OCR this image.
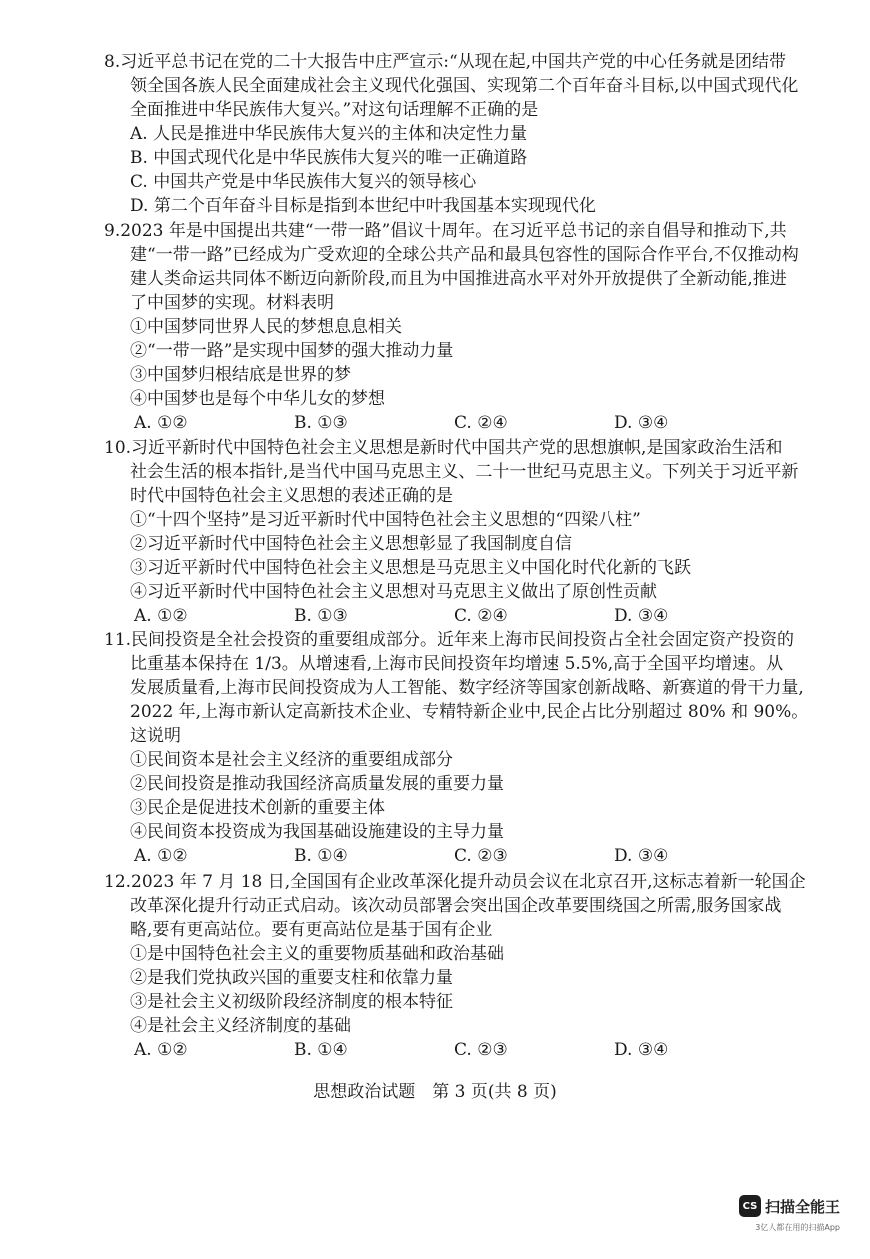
8.习近平总书记在党的二十大报告中庄严宣示:“从现在起,中国共产党的中心任务就是团结带
领全国各族人民全面建成社会主义现代化强国、实现第二个百年奋斗目标,以中国式现代化
全面推进中华民族伟大复兴。”对这句话理解不正确的是

A. 人民是推进中华民族伟大复兴的主体和决定性力量
B. 中国式现代化是中华民族伟大复兴的唯一正确道路
C. 中国共产党是中华民族伟大复兴的领导核心
D. 第二个百年奋斗目标是指到本世纪中叶我国基本实现现代化

9.2023 年是中国提出共建“一带一路”倡议十周年。在习近平总书记的亲自倡导和推动下,共
建“一带一路”已经成为广受欢迎的全球公共产品和最具包容性的国际合作平台,不仅推动构
建人类命运共同体不断迈向新阶段,而且为中国推进高水平对外开放提供了全新动能,推进
了中国梦的实现。材料表明

①中国梦同世界人民的梦想息息相关
②“一带一路”是实现中国梦的强大推动力量
③中国梦归根结底是世界的梦
④中国梦也是每个中华儿女的梦想
A. ①②	B. ①③	C. ②④	D. ③④

10.习近平新时代中国特色社会主义思想是新时代中国共产党的思想旗帜,是国家政治生活和
社会生活的根本指针,是当代中国马克思主义、二十一世纪马克思主义。下列关于习近平新
时代中国特色社会主义思想的表述正确的是

①“十四个坚持”是习近平新时代中国特色社会主义思想的“四梁八柱”
②习近平新时代中国特色社会主义思想彰显了我国制度自信
③习近平新时代中国特色社会主义思想是马克思主义中国化时代化新的飞跃
④习近平新时代中国特色社会主义思想对马克思主义做出了原创性贡献
A. ①②	B. ①③	C. ②④	D. ③④

11.民间投资是全社会投资的重要组成部分。近年来上海市民间投资占全社会固定资产投资的
比重基本保持在 1/3。从增速看,上海市民间投资年均增速 5.5%,高于全国平均增速。从
发展质量看,上海市民间投资成为人工智能、数字经济等国家创新战略、新赛道的骨干力量,
2022 年,上海市新认定高新技术企业、专精特新企业中,民企占比分别超过 80% 和 90%。
这说明

①民间资本是社会主义经济的重要组成部分
②民间投资是推动我国经济高质量发展的重要力量
③民企是促进技术创新的重要主体
④民间资本投资成为我国基础设施建设的主导力量
A. ①②	B. ①④	C. ②③	D. ③④

12.2023 年 7 月 18 日,全国国有企业改革深化提升动员会议在北京召开,这标志着新一轮国企
改革深化提升行动正式启动。该次动员部署会突出国企改革要围绕国之所需,服务国家战
略,要有更高站位。要有更高站位是基于国有企业

①是中国特色社会主义的重要物质基础和政治基础
②是我们党执政兴国的重要支柱和依靠力量
③是社会主义初级阶段经济制度的根本特征
④是社会主义经济制度的基础
A. ①②	B. ①④	C. ②③	D. ③④
思想政治试题　第 3 页(共 8 页)
CS 扫描全能王
3亿人都在用的扫描App
